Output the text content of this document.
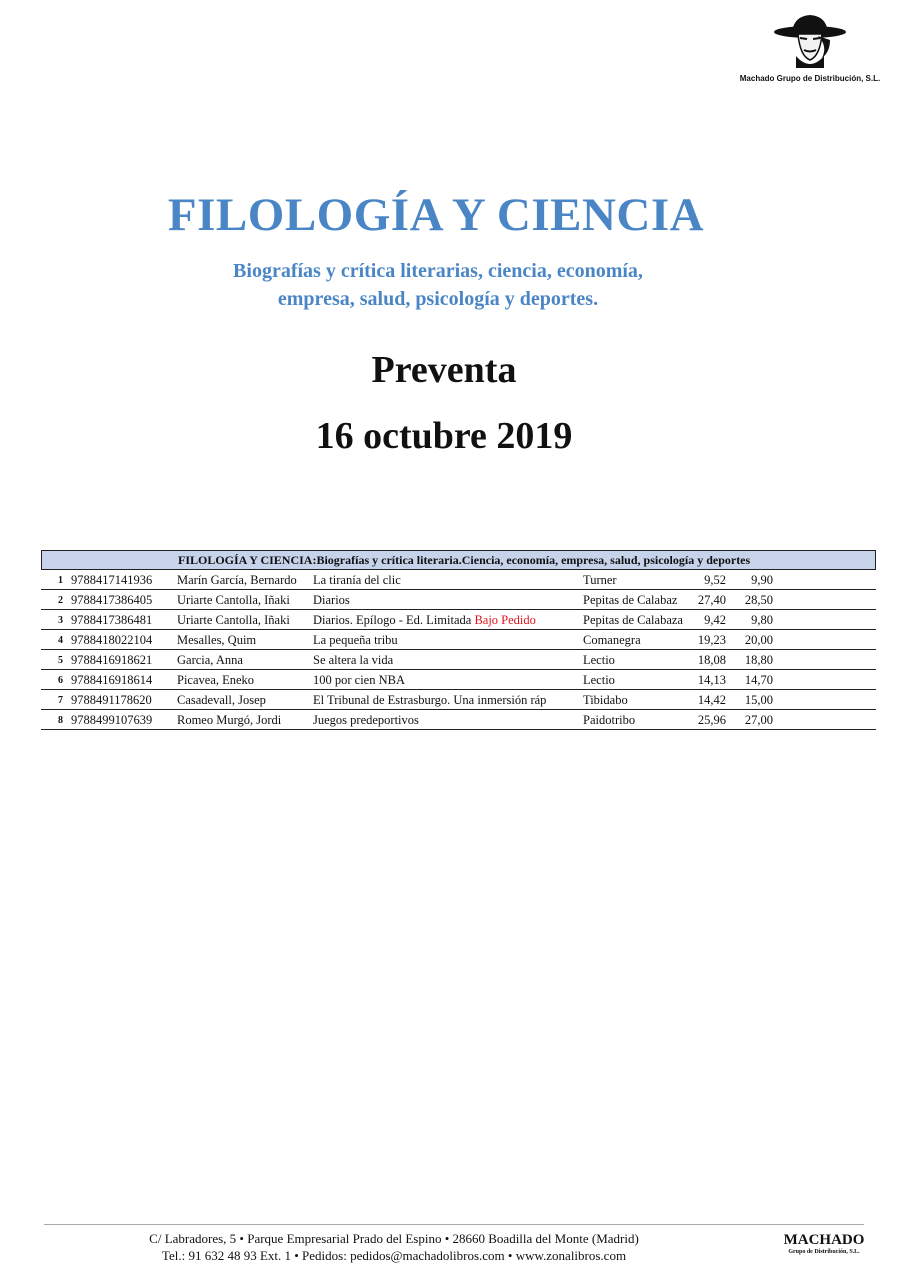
Machado Grupo de Distribución, S.L.
FILOLOGÍA Y CIENCIA
Biografías y crítica literarias, ciencia, economía,
empresa, salud, psicología y deportes.
Preventa
16 octubre 2019
FILOLOGÍA Y CIENCIA:Biografías y crítica literaria.Ciencia, economía, empresa, salud, psicología y deportes
1 9788417141936	Marín García, Bernardo	La tiranía del clic	Turner	9,52	9,90
2 9788417386405	Uriarte Cantolla, Iñaki	Diarios	Pepitas de Calabaz	27,40	28,50
3 9788417386481	Uriarte Cantolla, Iñaki	Diarios. Epílogo - Ed. Limitada Bajo Pedido	Pepitas de Calabaza	9,42	9,80
4 9788418022104	Mesalles, Quim	La pequeña tribu	Comanegra	19,23	20,00
5 9788416918621	Garcia, Anna	Se altera la vida	Lectio	18,08	18,80
6 9788416918614	Picavea, Eneko	100 por cien NBA	Lectio	14,13	14,70
7 9788491178620	Casadevall, Josep	El Tribunal de Estrasburgo. Una inmersión ráp	Tibidabo	14,42	15,00
8 9788499107639	Romeo Murgó, Jordi	Juegos predeportivos	Paidotribo	25,96	27,00
C/ Labradores, 5 • Parque Empresarial Prado del Espino • 28660 Boadilla del Monte (Madrid)
Tel.: 91 632 48 93 Ext. 1 • Pedidos: pedidos@machadolibros.com • www.zonalibros.com
MACHADO
Grupo de Distribución, S.L.
